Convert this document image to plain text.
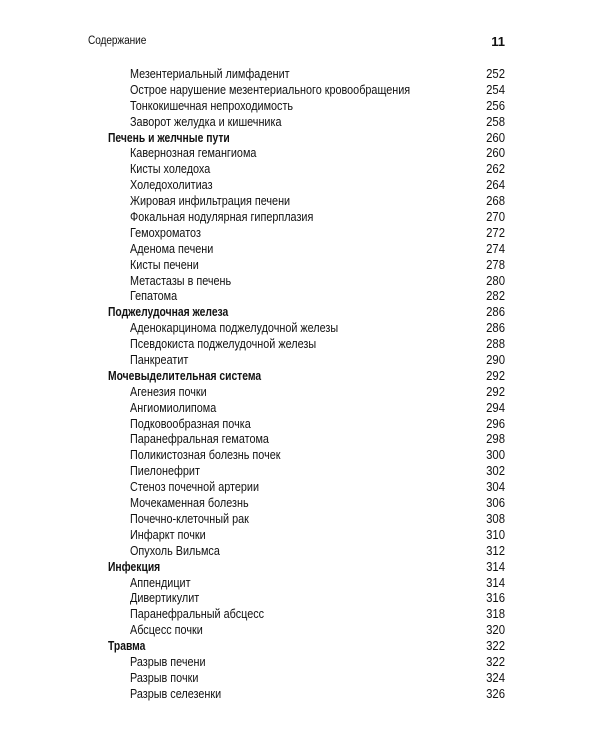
Содержание	11
Мезентериальный лимфаденит	252
Острое нарушение мезентериального кровообращения	254
Тонкокишечная непроходимость	256
Заворот желудка и кишечника	258
Печень и желчные пути	260
Кавернозная гемангиома	260
Кисты холедоха	262
Холедохолитиаз	264
Жировая инфильтрация печени	268
Фокальная нодулярная гиперплазия	270
Гемохроматоз	272
Аденома печени	274
Кисты печени	278
Метастазы в печень	280
Гепатома	282
Поджелудочная железа	286
Аденокарцинома поджелудочной железы	286
Псевдокиста поджелудочной железы	288
Панкреатит	290
Мочевыделительная система	292
Агенезия почки	292
Ангиомиолипома	294
Подковообразная почка	296
Паранефральная гематома	298
Поликистозная болезнь почек	300
Пиелонефрит	302
Стеноз почечной артерии	304
Мочекаменная болезнь	306
Почечно-клеточный рак	308
Инфаркт почки	310
Опухоль Вильмса	312
Инфекция	314
Аппендицит	314
Дивертикулит	316
Паранефральный абсцесс	318
Абсцесс почки	320
Травма	322
Разрыв печени	322
Разрыв почки	324
Разрыв селезенки	326
